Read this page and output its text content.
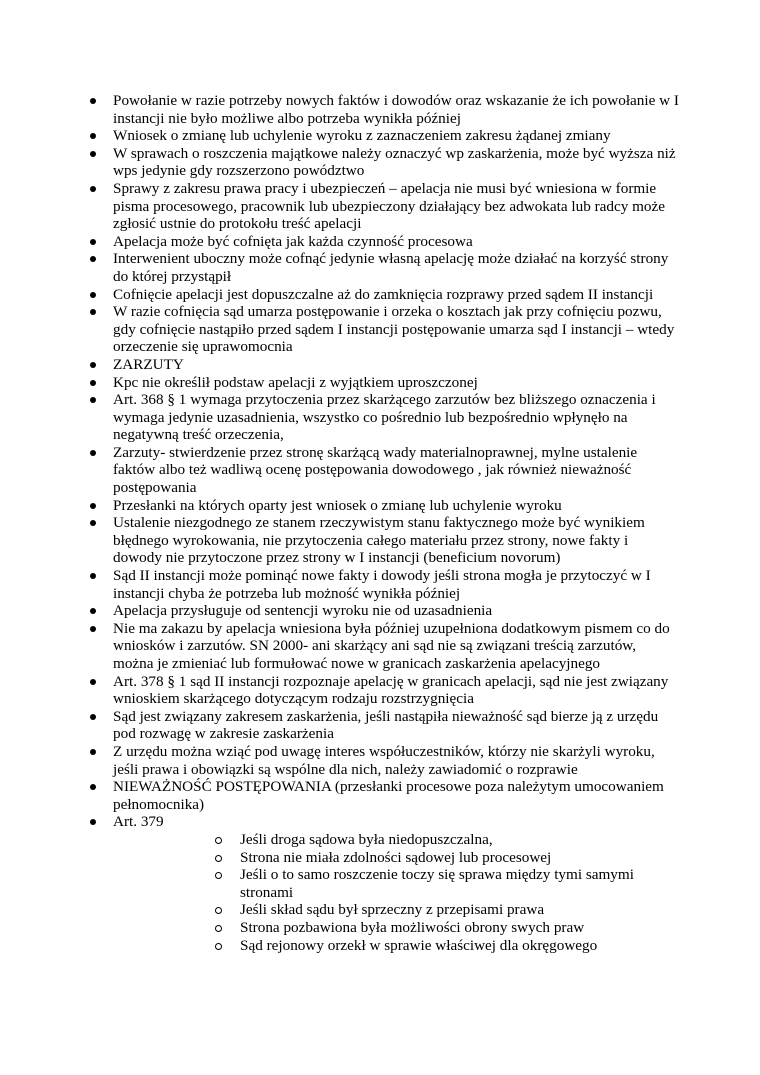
Powołanie w razie potrzeby nowych faktów i dowodów oraz wskazanie że ich powołanie w I instancji nie było możliwe albo potrzeba wynikła później
Wniosek o zmianę lub uchylenie wyroku z zaznaczeniem zakresu żądanej zmiany
W sprawach o roszczenia majątkowe należy oznaczyć wp zaskarżenia, może być wyższa niż wps jedynie gdy rozszerzono powództwo
Sprawy z zakresu prawa pracy i ubezpieczeń – apelacja nie musi być wniesiona w formie pisma procesowego, pracownik lub ubezpieczony działający bez adwokata lub radcy może zgłosić ustnie do protokołu treść apelacji
Apelacja może być cofnięta jak każda czynność procesowa
Interwenient uboczny może cofnąć jedynie własną apelację może działać na korzyść strony do której przystąpił
Cofnięcie apelacji jest dopuszczalne aż do zamknięcia rozprawy przed sądem II instancji
W razie cofnięcia sąd umarza postępowanie i orzeka o kosztach jak przy cofnięciu pozwu, gdy cofnięcie nastąpiło przed sądem I instancji postępowanie umarza sąd I instancji – wtedy orzeczenie się uprawomocnia
ZARZUTY
Kpc nie określił podstaw apelacji z wyjątkiem uproszczonej
Art. 368 § 1 wymaga przytoczenia przez skarżącego zarzutów bez bliższego oznaczenia i wymaga jedynie uzasadnienia, wszystko co pośrednio lub bezpośrednio wpłynęło na negatywną treść orzeczenia,
Zarzuty- stwierdzenie przez stronę skarżącą wady materialnoprawnej, mylne ustalenie faktów albo też wadliwą ocenę postępowania dowodowego , jak również nieważność postępowania
Przesłanki na których oparty jest wniosek o zmianę lub uchylenie wyroku
Ustalenie niezgodnego ze stanem rzeczywistym stanu faktycznego może być wynikiem błędnego wyrokowania, nie przytoczenia całego materiału przez strony, nowe fakty i dowody nie przytoczone przez strony w I instancji (beneficium novorum)
Sąd II instancji może pominąć nowe fakty i dowody jeśli strona mogła je przytoczyć w I instancji chyba że potrzeba lub możność wynikła później
Apelacja przysługuje od sentencji wyroku nie od uzasadnienia
Nie ma zakazu by apelacja wniesiona była później uzupełniona dodatkowym pismem co do wniosków i zarzutów. SN 2000- ani skarżący ani sąd nie są związani treścią zarzutów, można je zmieniać lub formułować nowe w granicach zaskarżenia apelacyjnego
Art. 378 § 1 sąd II instancji rozpoznaje apelację w granicach apelacji, sąd nie jest związany wnioskiem skarżącego dotyczącym rodzaju rozstrzygnięcia
Sąd jest związany zakresem zaskarżenia, jeśli nastąpiła nieważność sąd bierze ją z urzędu pod rozwagę w zakresie zaskarżenia
Z urzędu można wziąć pod uwagę interes współuczestników, którzy nie skarżyli wyroku, jeśli prawa i obowiązki są wspólne dla nich, należy zawiadomić o rozprawie
NIEWAŻNOŚĆ POSTĘPOWANIA (przesłanki procesowe poza należytym umocowaniem pełnomocnika)
Art. 379
Jeśli droga sądowa była niedopuszczalna,
Strona nie miała zdolności sądowej lub procesowej
Jeśli o to samo roszczenie toczy się sprawa między tymi samymi stronami
Jeśli skład sądu był sprzeczny z przepisami prawa
Strona pozbawiona była możliwości obrony swych praw
Sąd rejonowy orzekł w sprawie właściwej dla okręgowego
